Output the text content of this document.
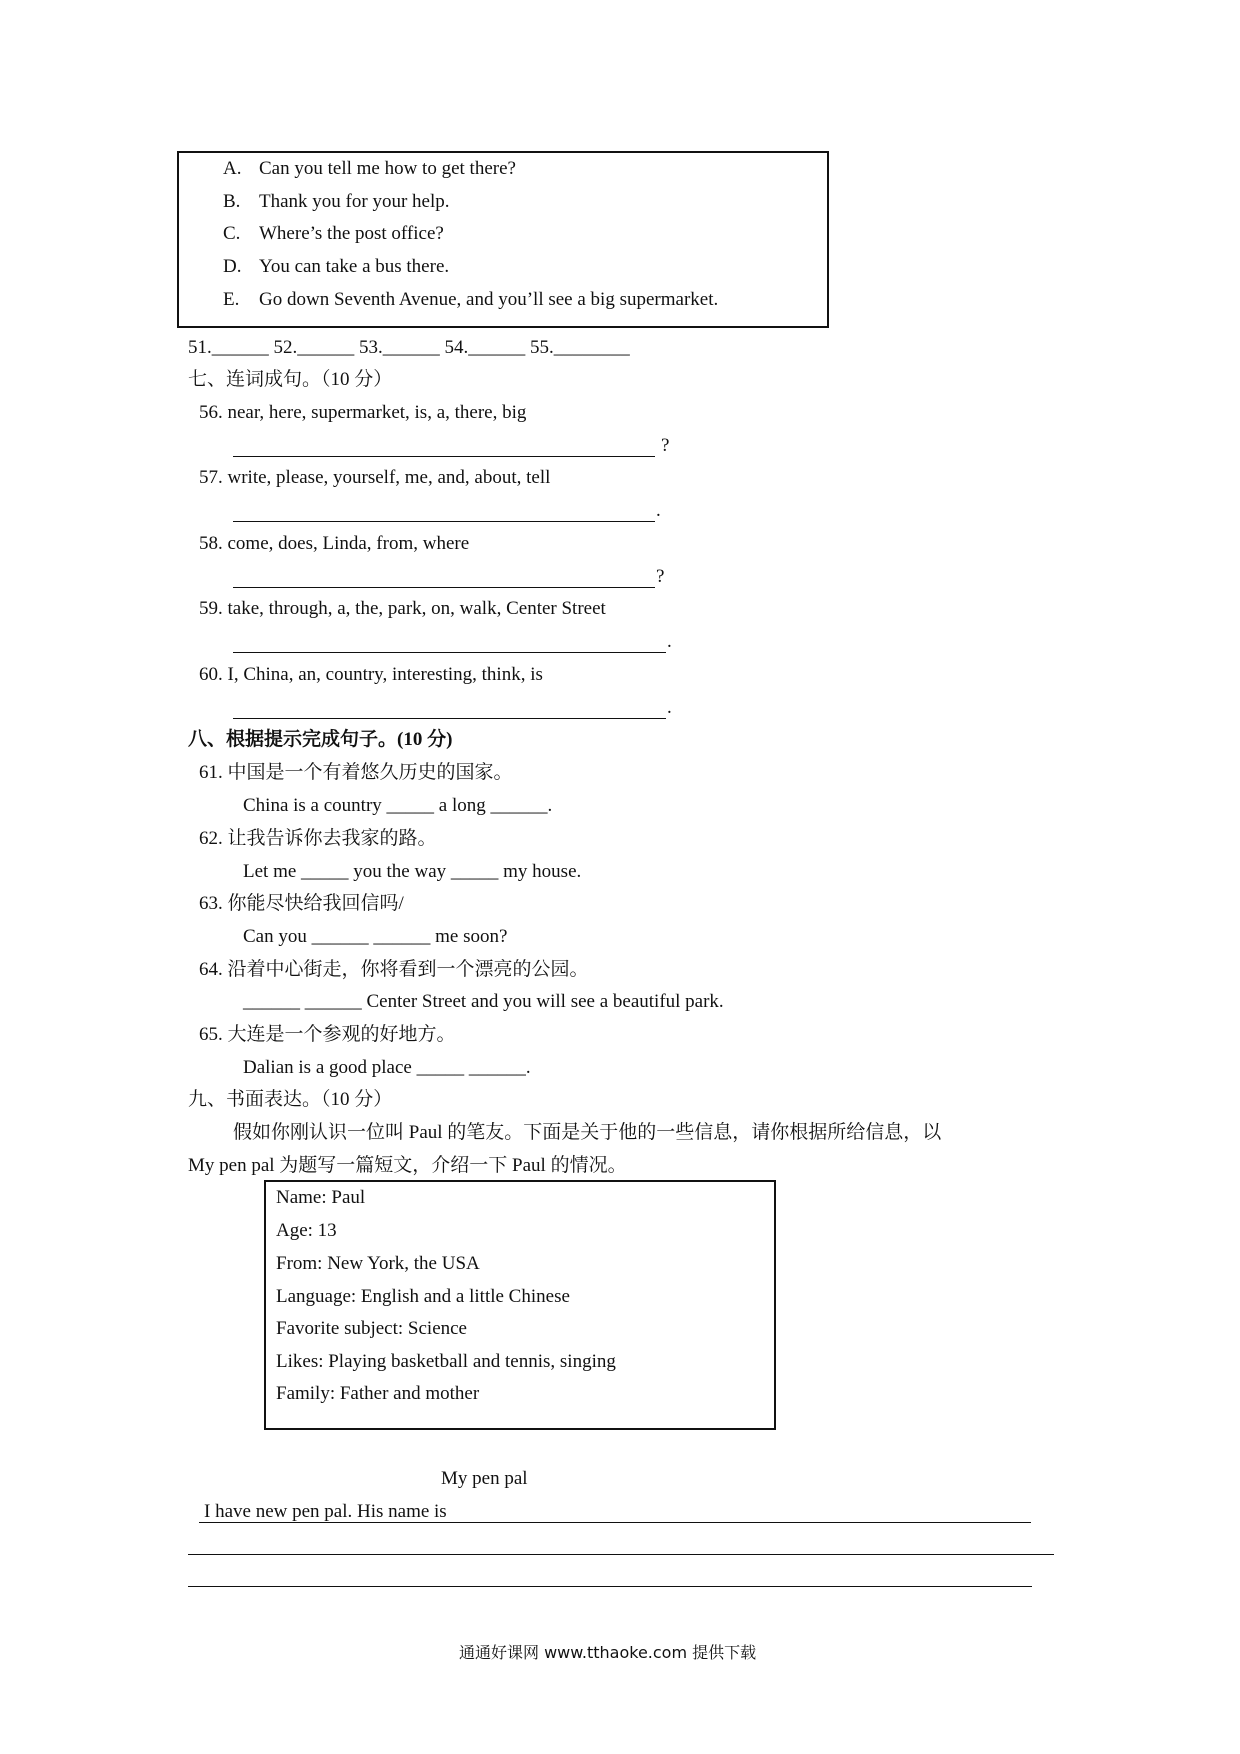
A. Can you tell me how to get there?
B. Thank you for your help.
C. Where’s the post office?
D. You can take a bus there.
E. Go down Seventh Avenue, and you’ll see a big supermarket.
51.______ 52.______ 53.______ 54.______ 55.________
七、连词成句。（10 分）
56. near, here, supermarket, is, a, there, big
?
57. write, please, yourself, me, and, about, tell
.
58. come, does, Linda, from, where
?
59. take, through, a, the, park, on, walk, Center Street
.
60. I, China, an, country, interesting, think, is
.
八、根据提示完成句子。(10 分)
61. 中国是一个有着悠久历史的国家。
China is a country _____ a long ______.
62. 让我告诉你去我家的路。
Let me _____ you the way _____ my house.
63. 你能尽快给我回信吗/
Can you ______ ______ me soon?
64. 沿着中心街走，你将看到一个漂亮的公园。
______ ______ Center Street and you will see a beautiful park.
65. 大连是一个参观的好地方。
Dalian is a good place _____ ______.
九、书面表达。（10 分）
假如你刚认识一位叫 Paul 的笔友。下面是关于他的一些信息，请你根据所给信息，以
My pen pal 为题写一篇短文，介绍一下 Paul 的情况。
Name: Paul
Age: 13
From: New York, the USA
Language: English and a little Chinese
Favorite subject: Science
Likes: Playing basketball and tennis, singing
Family: Father and mother
My pen pal
I have new pen pal. His name is
通通好课网 www.tthaoke.com 提供下载
